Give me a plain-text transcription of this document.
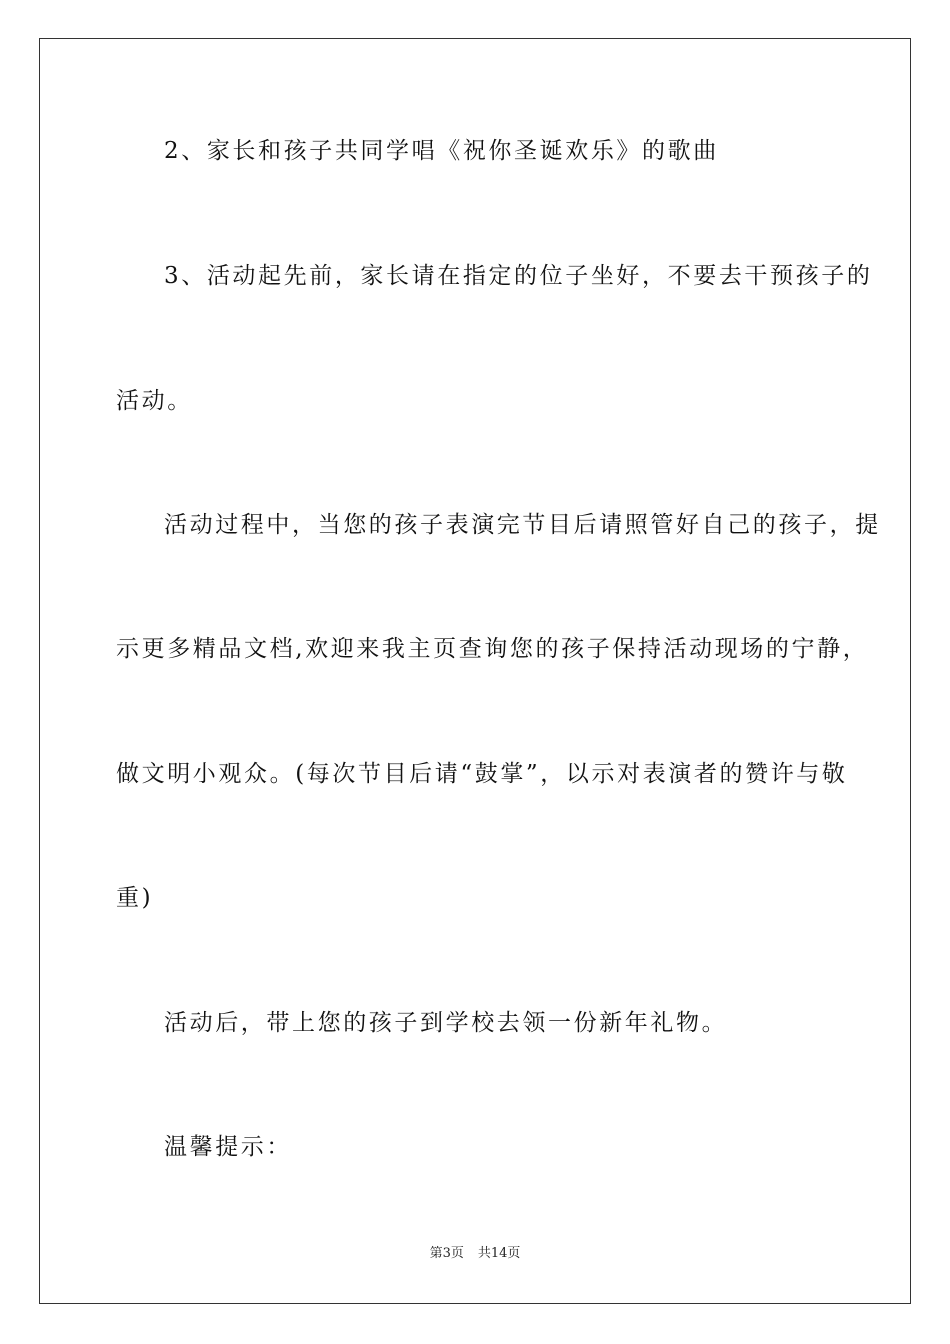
2、家长和孩子共同学唱《祝你圣诞欢乐》的歌曲

3、活动起先前，家长请在指定的位子坐好，不要去干预孩子的

活动。

活动过程中，当您的孩子表演完节目后请照管好自己的孩子，提

示更多精品文档,欢迎来我主页查询您的孩子保持活动现场的宁静，

做文明小观众。(每次节目后请“鼓掌”，以示对表演者的赞许与敬

重)

活动后，带上您的孩子到学校去领一份新年礼物。

温馨提示：

第3页 共14页
